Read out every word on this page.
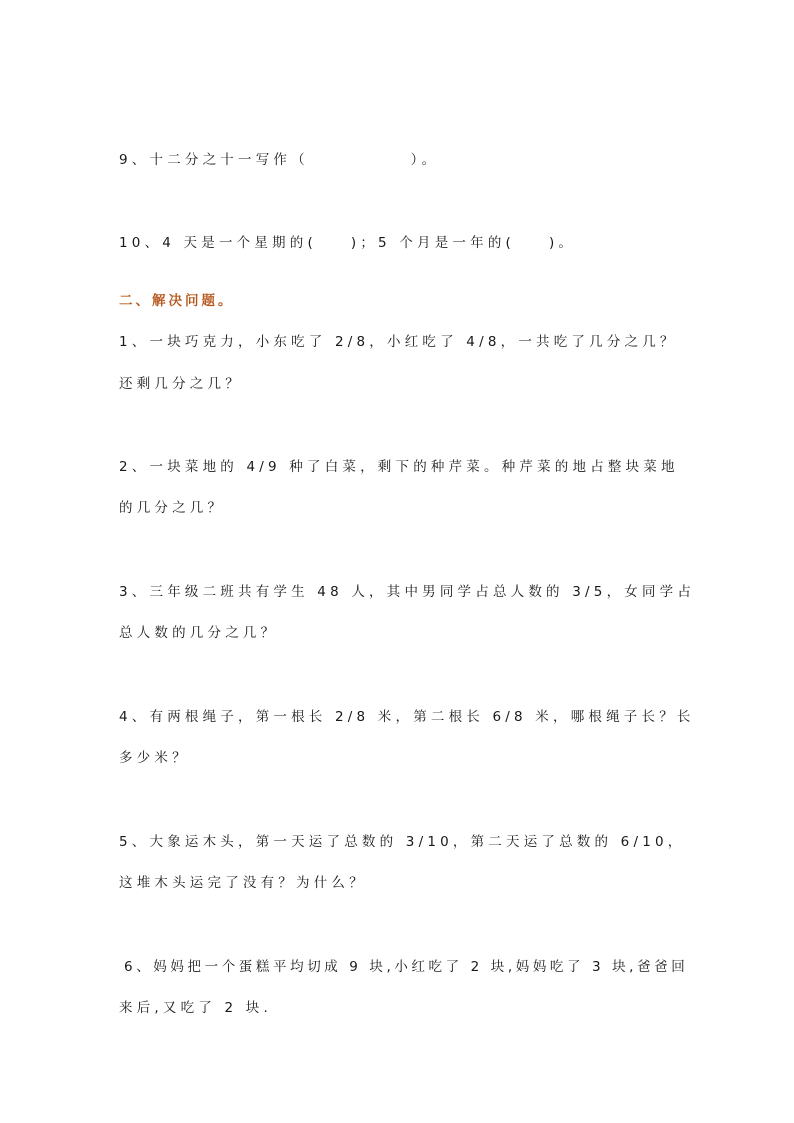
9、十二分之十一写作（            ）。
10、4 天是一个星期的(    )；5 个月是一年的(    )。
二、解决问题。
1、一块巧克力，小东吃了 2/8，小红吃了 4/8，一共吃了几分之几？
还剩几分之几？
2、一块菜地的 4/9 种了白菜，剩下的种芹菜。种芹菜的地占整块菜地
的几分之几？
3、三年级二班共有学生 48 人，其中男同学占总人数的 3/5，女同学占
总人数的几分之几？
4、有两根绳子，第一根长 2/8 米，第二根长 6/8 米，哪根绳子长？长
多少米？
5、大象运木头，第一天运了总数的 3/10，第二天运了总数的 6/10，
这堆木头运完了没有？为什么？
6、妈妈把一个蛋糕平均切成 9 块,小红吃了 2 块,妈妈吃了 3 块,爸爸回
来后,又吃了 2 块.
